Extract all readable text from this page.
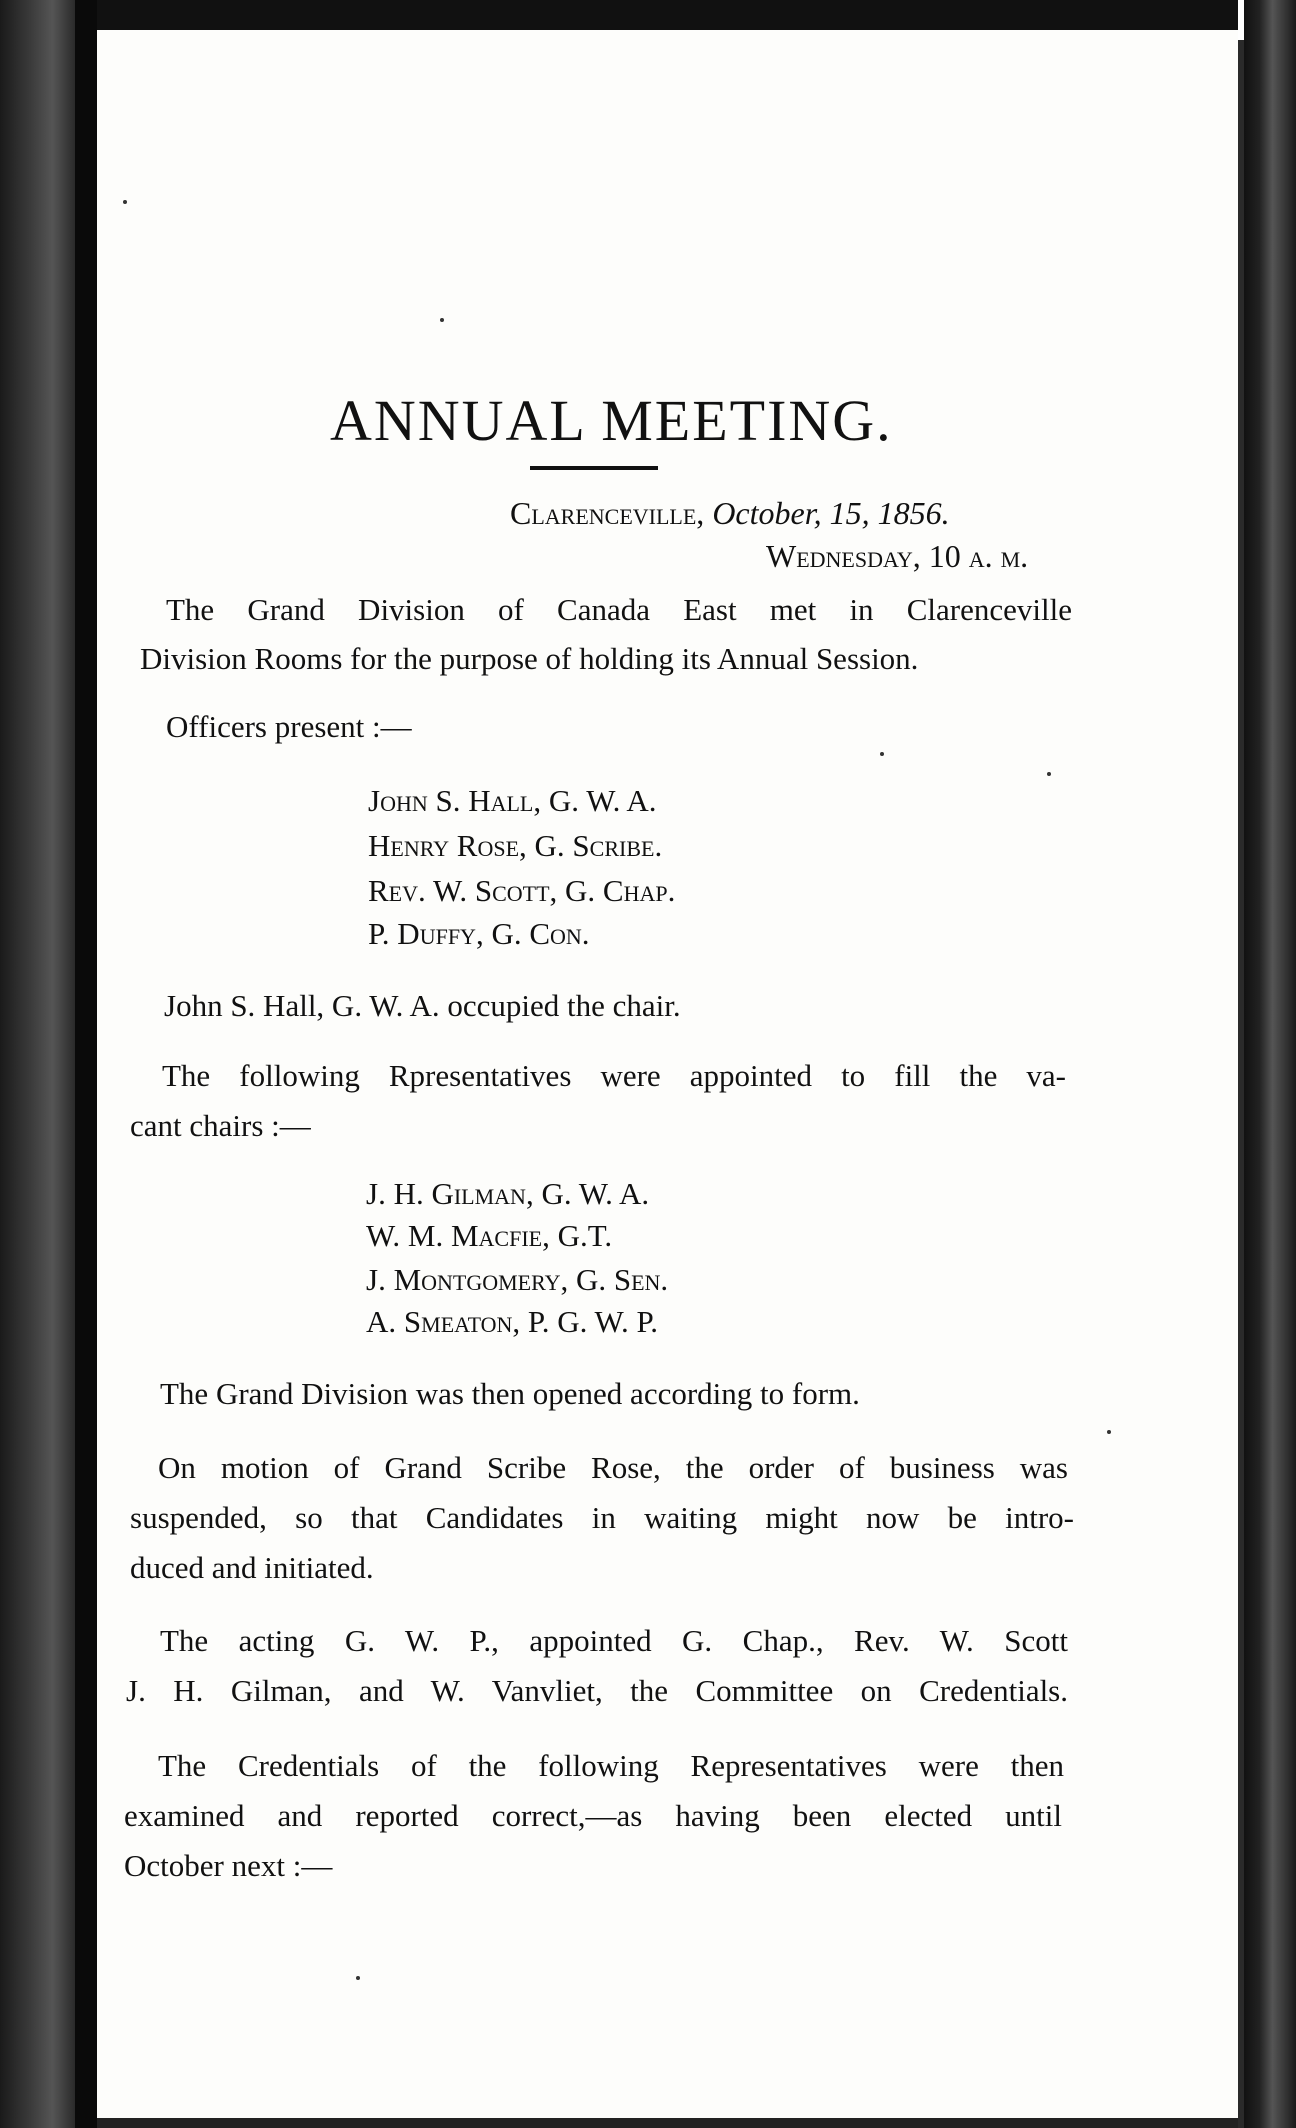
ANNUAL MEETING.
Clarenceville, October, 15, 1856.
Wednesday, 10 a. m.
The Grand Division of Canada East met in Clarenceville
Division Rooms for the purpose of holding its Annual Session.
Officers present :—
John S. Hall, G. W. A.
Henry Rose, G. Scribe.
Rev. W. Scott, G. Chap.
P. Duffy, G. Con.
John S. Hall, G. W. A. occupied the chair.
The following Rpresentatives were appointed to fill the va-
cant chairs :—
J. H. Gilman, G. W. A.
W. M. Macfie, G.T.
J. Montgomery, G. Sen.
A. Smeaton, P. G. W. P.
The Grand Division was then opened according to form.
On motion of Grand Scribe Rose, the order of business was
suspended, so that Candidates in waiting might now be intro-
duced and initiated.
The acting G. W. P., appointed G. Chap., Rev. W. Scott
J. H. Gilman, and W. Vanvliet, the Committee on Credentials.
The Credentials of the following Representatives were then
examined and reported correct,—as having been elected until
October next :—
